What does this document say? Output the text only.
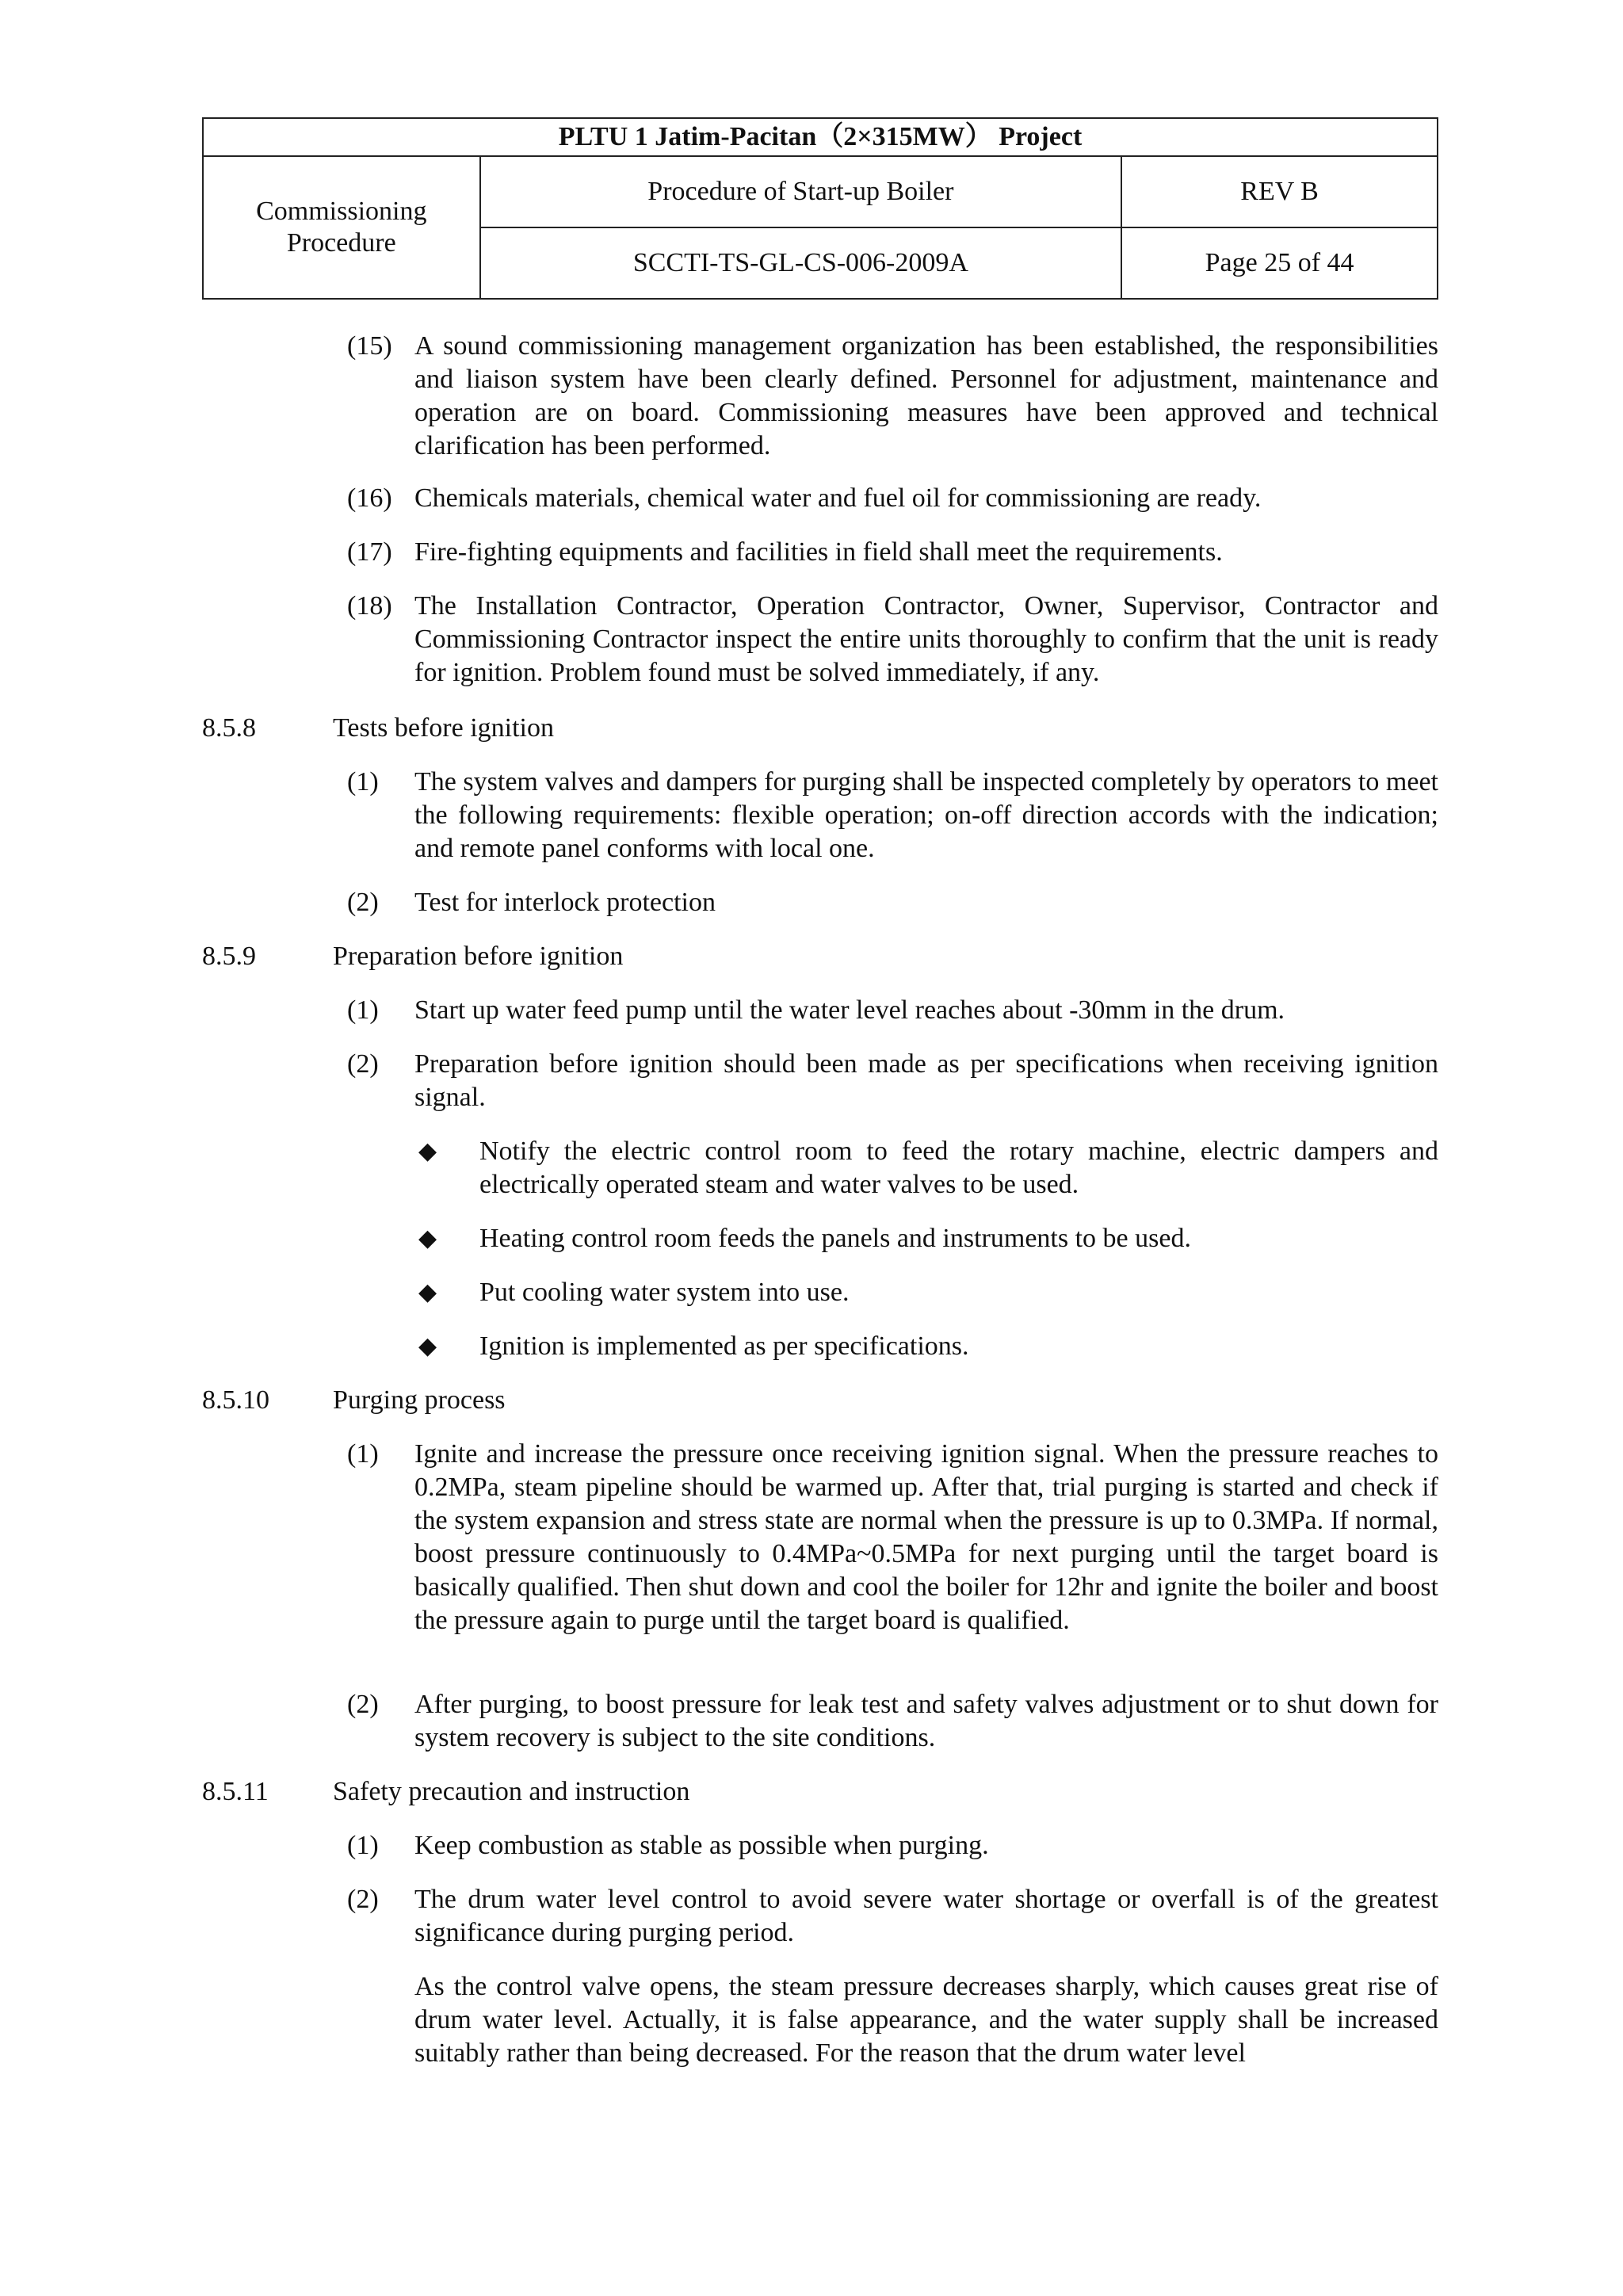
PLTU 1 Jatim-Pacitan（2×315MW） Project		
Commissioning Procedure	Procedure of Start-up Boiler	REV B
	SCCTI-TS-GL-CS-006-2009A	Page 25 of 44
(15) A sound commissioning management organization has been established, the responsibilities and liaison system have been clearly defined. Personnel for adjustment, maintenance and operation are on board. Commissioning measures have been approved and technical clarification has been performed.
(16) Chemicals materials, chemical water and fuel oil for commissioning are ready.
(17) Fire-fighting equipments and facilities in field shall meet the requirements.
(18) The Installation Contractor, Operation Contractor, Owner, Supervisor, Contractor and Commissioning Contractor inspect the entire units thoroughly to confirm that the unit is ready for ignition. Problem found must be solved immediately, if any.
8.5.8	Tests before ignition
(1) The system valves and dampers for purging shall be inspected completely by operators to meet the following requirements: flexible operation; on-off direction accords with the indication; and remote panel conforms with local one.
(2) Test for interlock protection
8.5.9	Preparation before ignition
(1) Start up water feed pump until the water level reaches about -30mm in the drum.
(2) Preparation before ignition should been made as per specifications when receiving ignition signal.
◆ Notify the electric control room to feed the rotary machine, electric dampers and electrically operated steam and water valves to be used.
◆ Heating control room feeds the panels and instruments to be used.
◆ Put cooling water system into use.
◆ Ignition is implemented as per specifications.
8.5.10 Purging process
(1) Ignite and increase the pressure once receiving ignition signal. When the pressure reaches to 0.2MPa, steam pipeline should be warmed up. After that, trial purging is started and check if the system expansion and stress state are normal when the pressure is up to 0.3MPa. If normal, boost pressure continuously to 0.4MPa~0.5MPa for next purging until the target board is basically qualified. Then shut down and cool the boiler for 12hr and ignite the boiler and boost the pressure again to purge until the target board is qualified.
(2) After purging, to boost pressure for leak test and safety valves adjustment or to shut down for system recovery is subject to the site conditions.
8.5.11 Safety precaution and instruction
(1) Keep combustion as stable as possible when purging.
(2) The drum water level control to avoid severe water shortage or overfall is of the greatest significance during purging period.
As the control valve opens, the steam pressure decreases sharply, which causes great rise of drum water level. Actually, it is false appearance, and the water supply shall be increased suitably rather than being decreased. For the reason that the drum water level
